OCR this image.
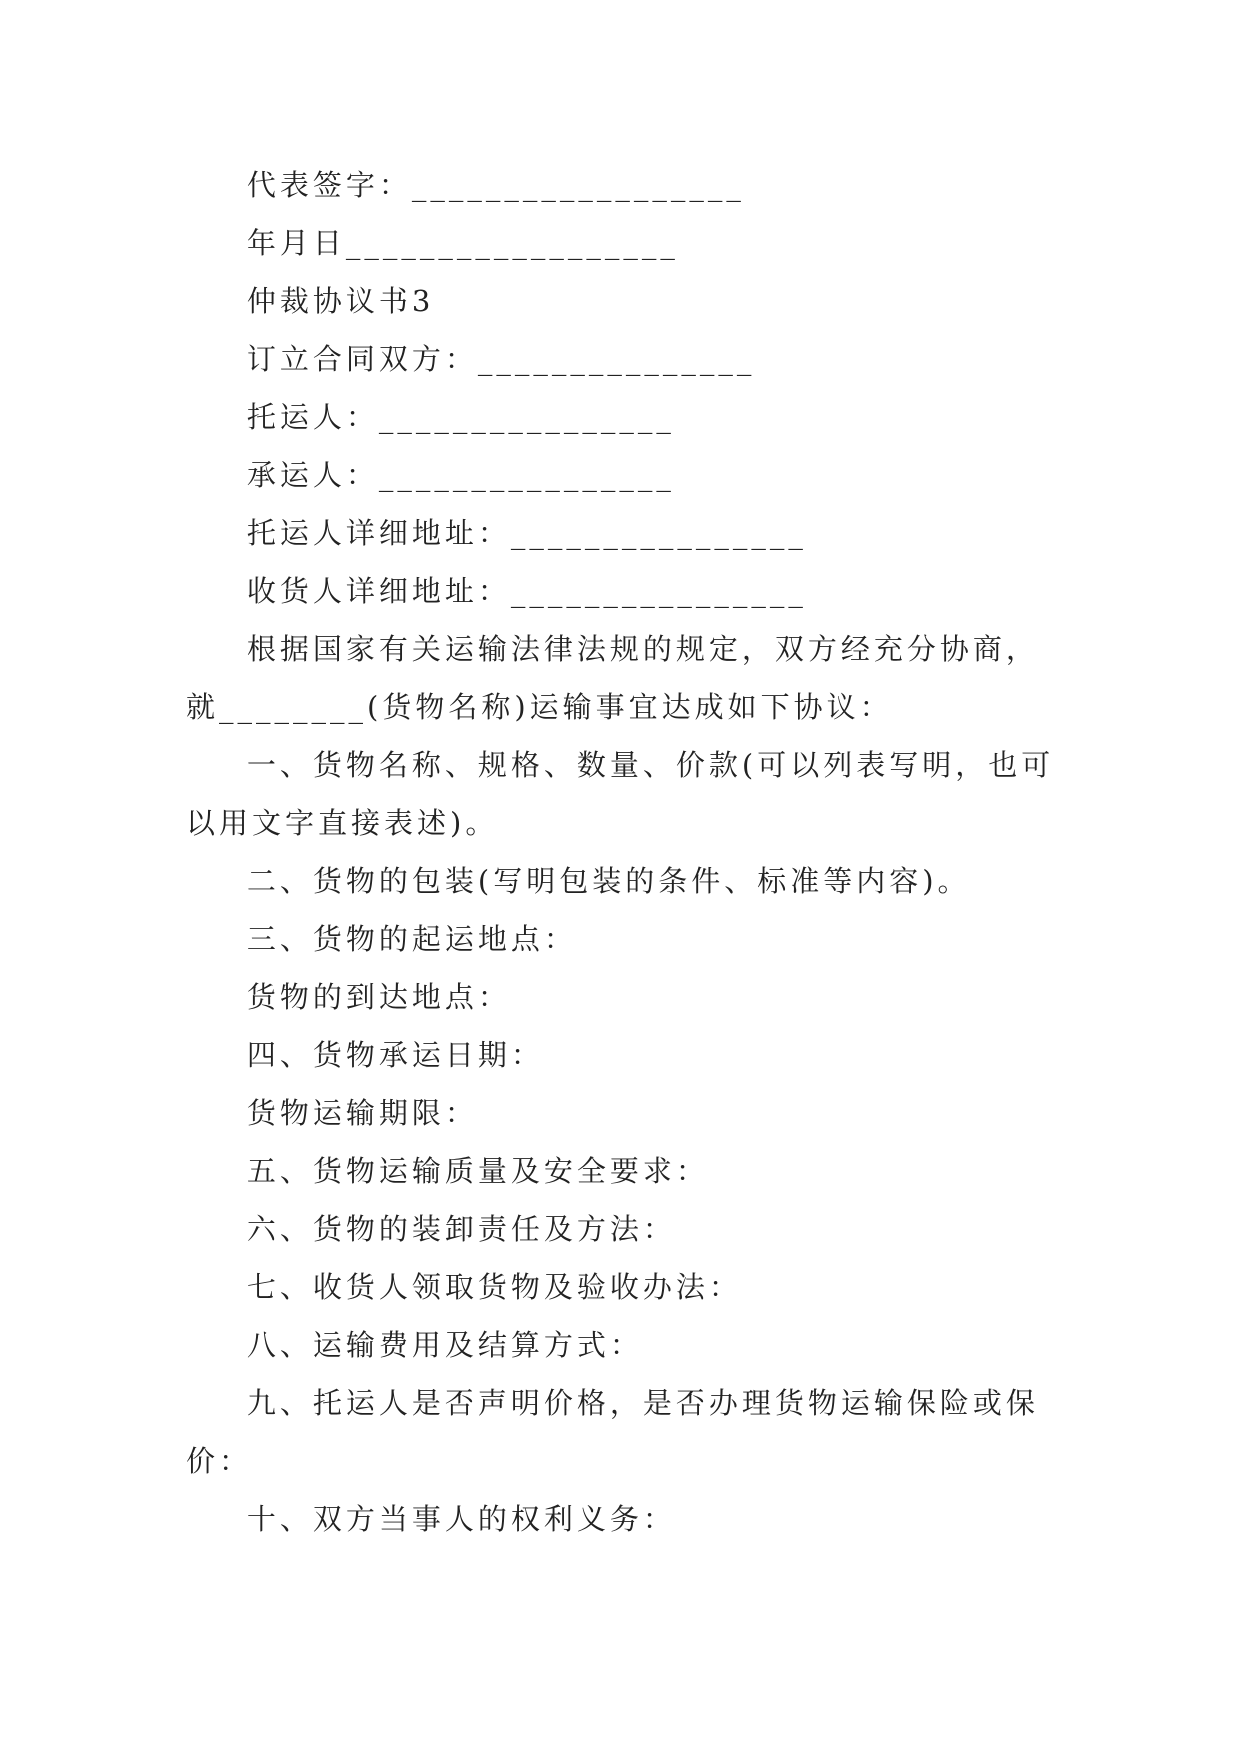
代表签字：__________________

年月日__________________

仲裁协议书3

订立合同双方：_______________

托运人：________________

承运人：________________

托运人详细地址：________________

收货人详细地址：________________

根据国家有关运输法律法规的规定，双方经充分协商，就________(货物名称)运输事宜达成如下协议：

一、货物名称、规格、数量、价款(可以列表写明，也可以用文字直接表述)。

二、货物的包装(写明包装的条件、标准等内容)。

三、货物的起运地点：

货物的到达地点：

四、货物承运日期：

货物运输期限：

五、货物运输质量及安全要求：

六、货物的装卸责任及方法：

七、收货人领取货物及验收办法：

八、运输费用及结算方式：

九、托运人是否声明价格，是否办理货物运输保险或保价：

十、双方当事人的权利义务：
